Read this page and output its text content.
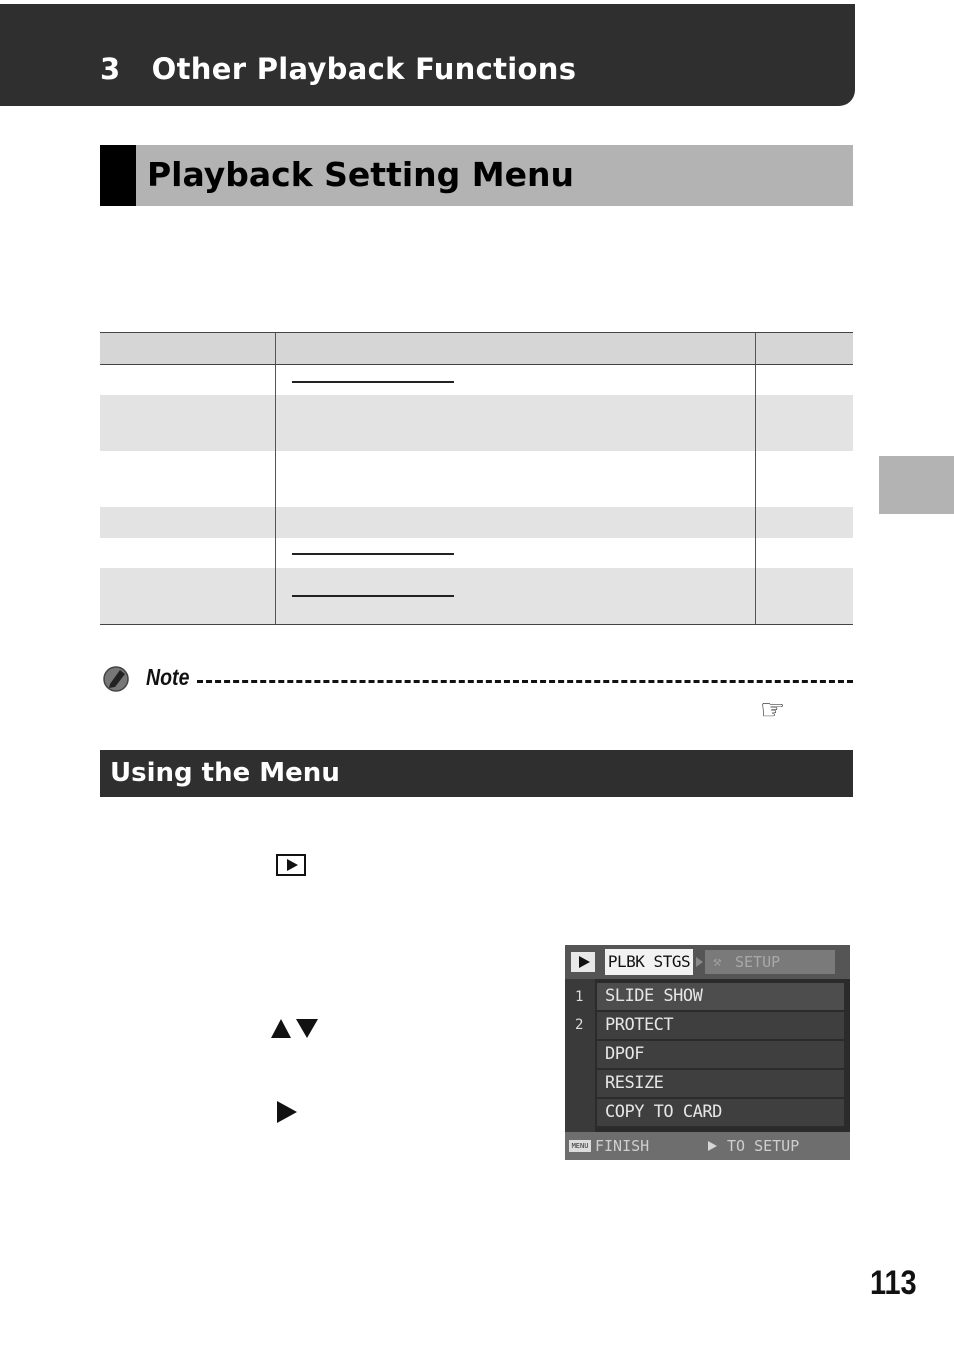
3   Other Playback Functions
Playback Setting Menu
Note
☞
Using the Menu
PLBK STGS ⚒ SETUP
1
2
SLIDE SHOW
PROTECT
DPOF
RESIZE
COPY TO CARD
MENU FINISH	TO SETUP
113
